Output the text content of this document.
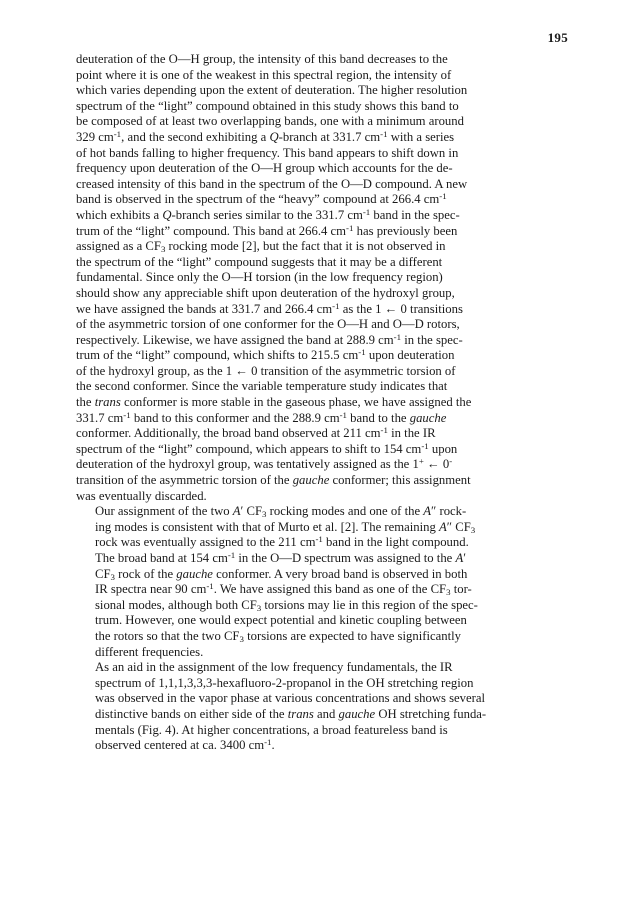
195

deuteration of the O—H group, the intensity of this band decreases to the
point where it is one of the weakest in this spectral region, the intensity of
which varies depending upon the extent of deuteration. The higher resolution
spectrum of the “light” compound obtained in this study shows this band to
be composed of at least two overlapping bands, one with a minimum around
329 $cm^{-1}$, and the second exhibiting a Q-branch at 331.7 $cm^{-1}$ with a series
of hot bands falling to higher frequency. This band appears to shift down in
frequency upon deuteration of the O—H group which accounts for the de-
creased intensity of this band in the spectrum of the O—D compound. A new
band is observed in the spectrum of the “heavy” compound at 266.4 $cm^{-1}$
which exhibits a Q-branch series similar to the 331.7 $cm^{-1}$ band in the spec-
trum of the “light” compound. This band at 266.4 $cm^{-1}$ has previously been
assigned as a $CF_3$ rocking mode [2], but the fact that it is not observed in
the spectrum of the “light” compound suggests that it may be a different
fundamental. Since only the O—H torsion (in the low frequency region)
should show any appreciable shift upon deuteration of the hydroxyl group,
we have assigned the bands at 331.7 and 266.4 $cm^{-1}$ as the 1 ← 0 transitions
of the asymmetric torsion of one conformer for the O—H and O—D rotors,
respectively. Likewise, we have assigned the band at 288.9 $cm^{-1}$ in the spec-
trum of the “light” compound, which shifts to 215.5 $cm^{-1}$ upon deuteration
of the hydroxyl group, as the 1 ← 0 transition of the asymmetric torsion of
the second conformer. Since the variable temperature study indicates that
the trans conformer is more stable in the gaseous phase, we have assigned the
331.7 $cm^{-1}$ band to this conformer and the 288.9 $cm^{-1}$ band to the gauche
conformer. Additionally, the broad band observed at 211 $cm^{-1}$ in the IR
spectrum of the “light” compound, which appears to shift to 154 $cm^{-1}$ upon
deuteration of the hydroxyl group, was tentatively assigned as the 1+ ← 0-
transition of the asymmetric torsion of the gauche conformer; this assignment
was eventually discarded.

Our assignment of the two A′ $CF_3$ rocking modes and one of the A″ rock-
ing modes is consistent with that of Murto et al. [2]. The remaining A″ $CF_3$
rock was eventually assigned to the 211 $cm^{-1}$ band in the light compound.
The broad band at 154 $cm^{-1}$ in the O—D spectrum was assigned to the A′
$CF_3$ rock of the gauche conformer. A very broad band is observed in both
IR spectra near 90 $cm^{-1}$. We have assigned this band as one of the $CF_3$ tor-
sional modes, although both $CF_3$ torsions may lie in this region of the spec-
trum. However, one would expect potential and kinetic coupling between
the rotors so that the two $CF_3$ torsions are expected to have significantly
different frequencies.

As an aid in the assignment of the low frequency fundamentals, the IR
spectrum of 1,1,1,3,3,3-hexafluoro-2-propanol in the OH stretching region
was observed in the vapor phase at various concentrations and shows several
distinctive bands on either side of the trans and gauche OH stretching funda-
mentals (Fig. 4). At higher concentrations, a broad featureless band is
observed centered at ca. 3400 $cm^{-1}$.
